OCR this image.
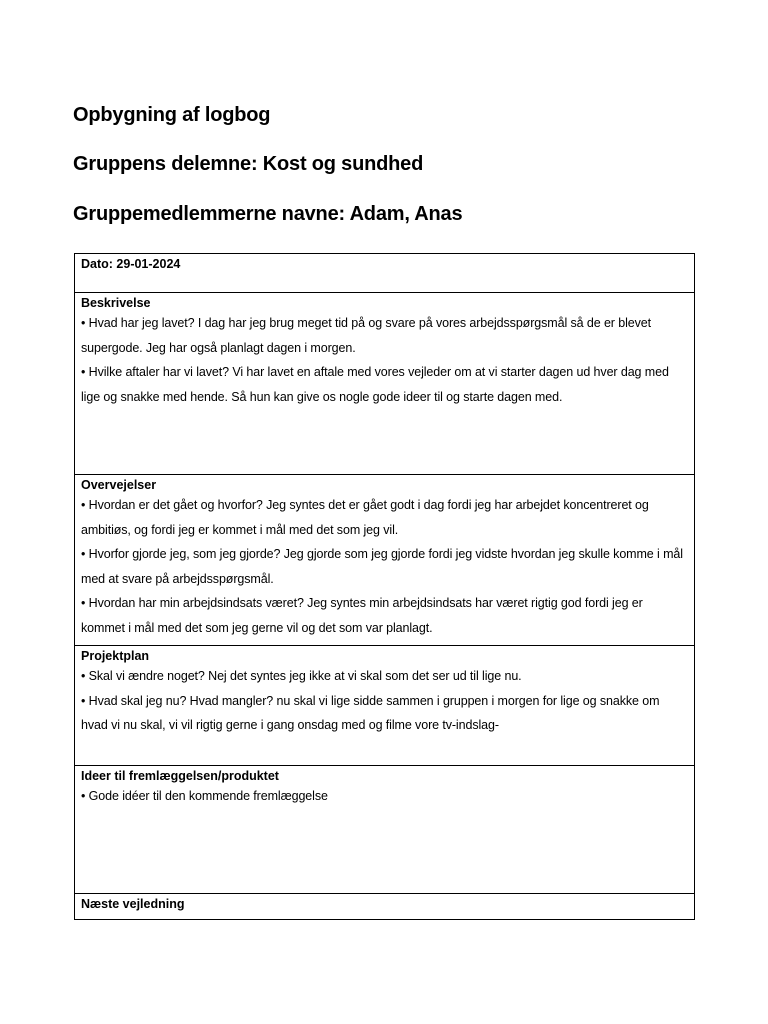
Opbygning af logbog
Gruppens delemne: Kost og sundhed
Gruppemedlemmerne navne: Adam, Anas
Dato: 29-01-2024
Beskrivelse

• Hvad har jeg lavet? I dag har jeg brug meget tid på og svare på vores arbejdsspørgsmål så de er blevet supergode. Jeg har også planlagt dagen i morgen.

• Hvilke aftaler har vi lavet? Vi har lavet en aftale med vores vejleder om at vi starter dagen ud hver dag med lige og snakke med hende. Så hun kan give os nogle gode ideer til og starte dagen med.

Overvejelser

• Hvordan er det gået og hvorfor? Jeg syntes det er gået godt i dag fordi jeg har arbejdet koncentreret og ambitiøs, og fordi jeg er kommet i mål med det som jeg vil.

• Hvorfor gjorde jeg, som jeg gjorde? Jeg gjorde som jeg gjorde fordi jeg vidste hvordan jeg skulle komme i mål med at svare på arbejdsspørgsmål.

• Hvordan har min arbejdsindsats været? Jeg syntes min arbejdsindsats har været rigtig god fordi jeg er kommet i mål med det som jeg gerne vil og det som var planlagt.

Projektplan

• Skal vi ændre noget? Nej det syntes jeg ikke at vi skal som det ser ud til lige nu.

• Hvad skal jeg nu? Hvad mangler? nu skal vi lige sidde sammen i gruppen i morgen for lige og snakke om hvad vi nu skal, vi vil rigtig gerne i gang onsdag med og filme vore tv-indslag-

Ideer til fremlæggelsen/produktet

• Gode idéer til den kommende fremlæggelse

Næste vejledning
